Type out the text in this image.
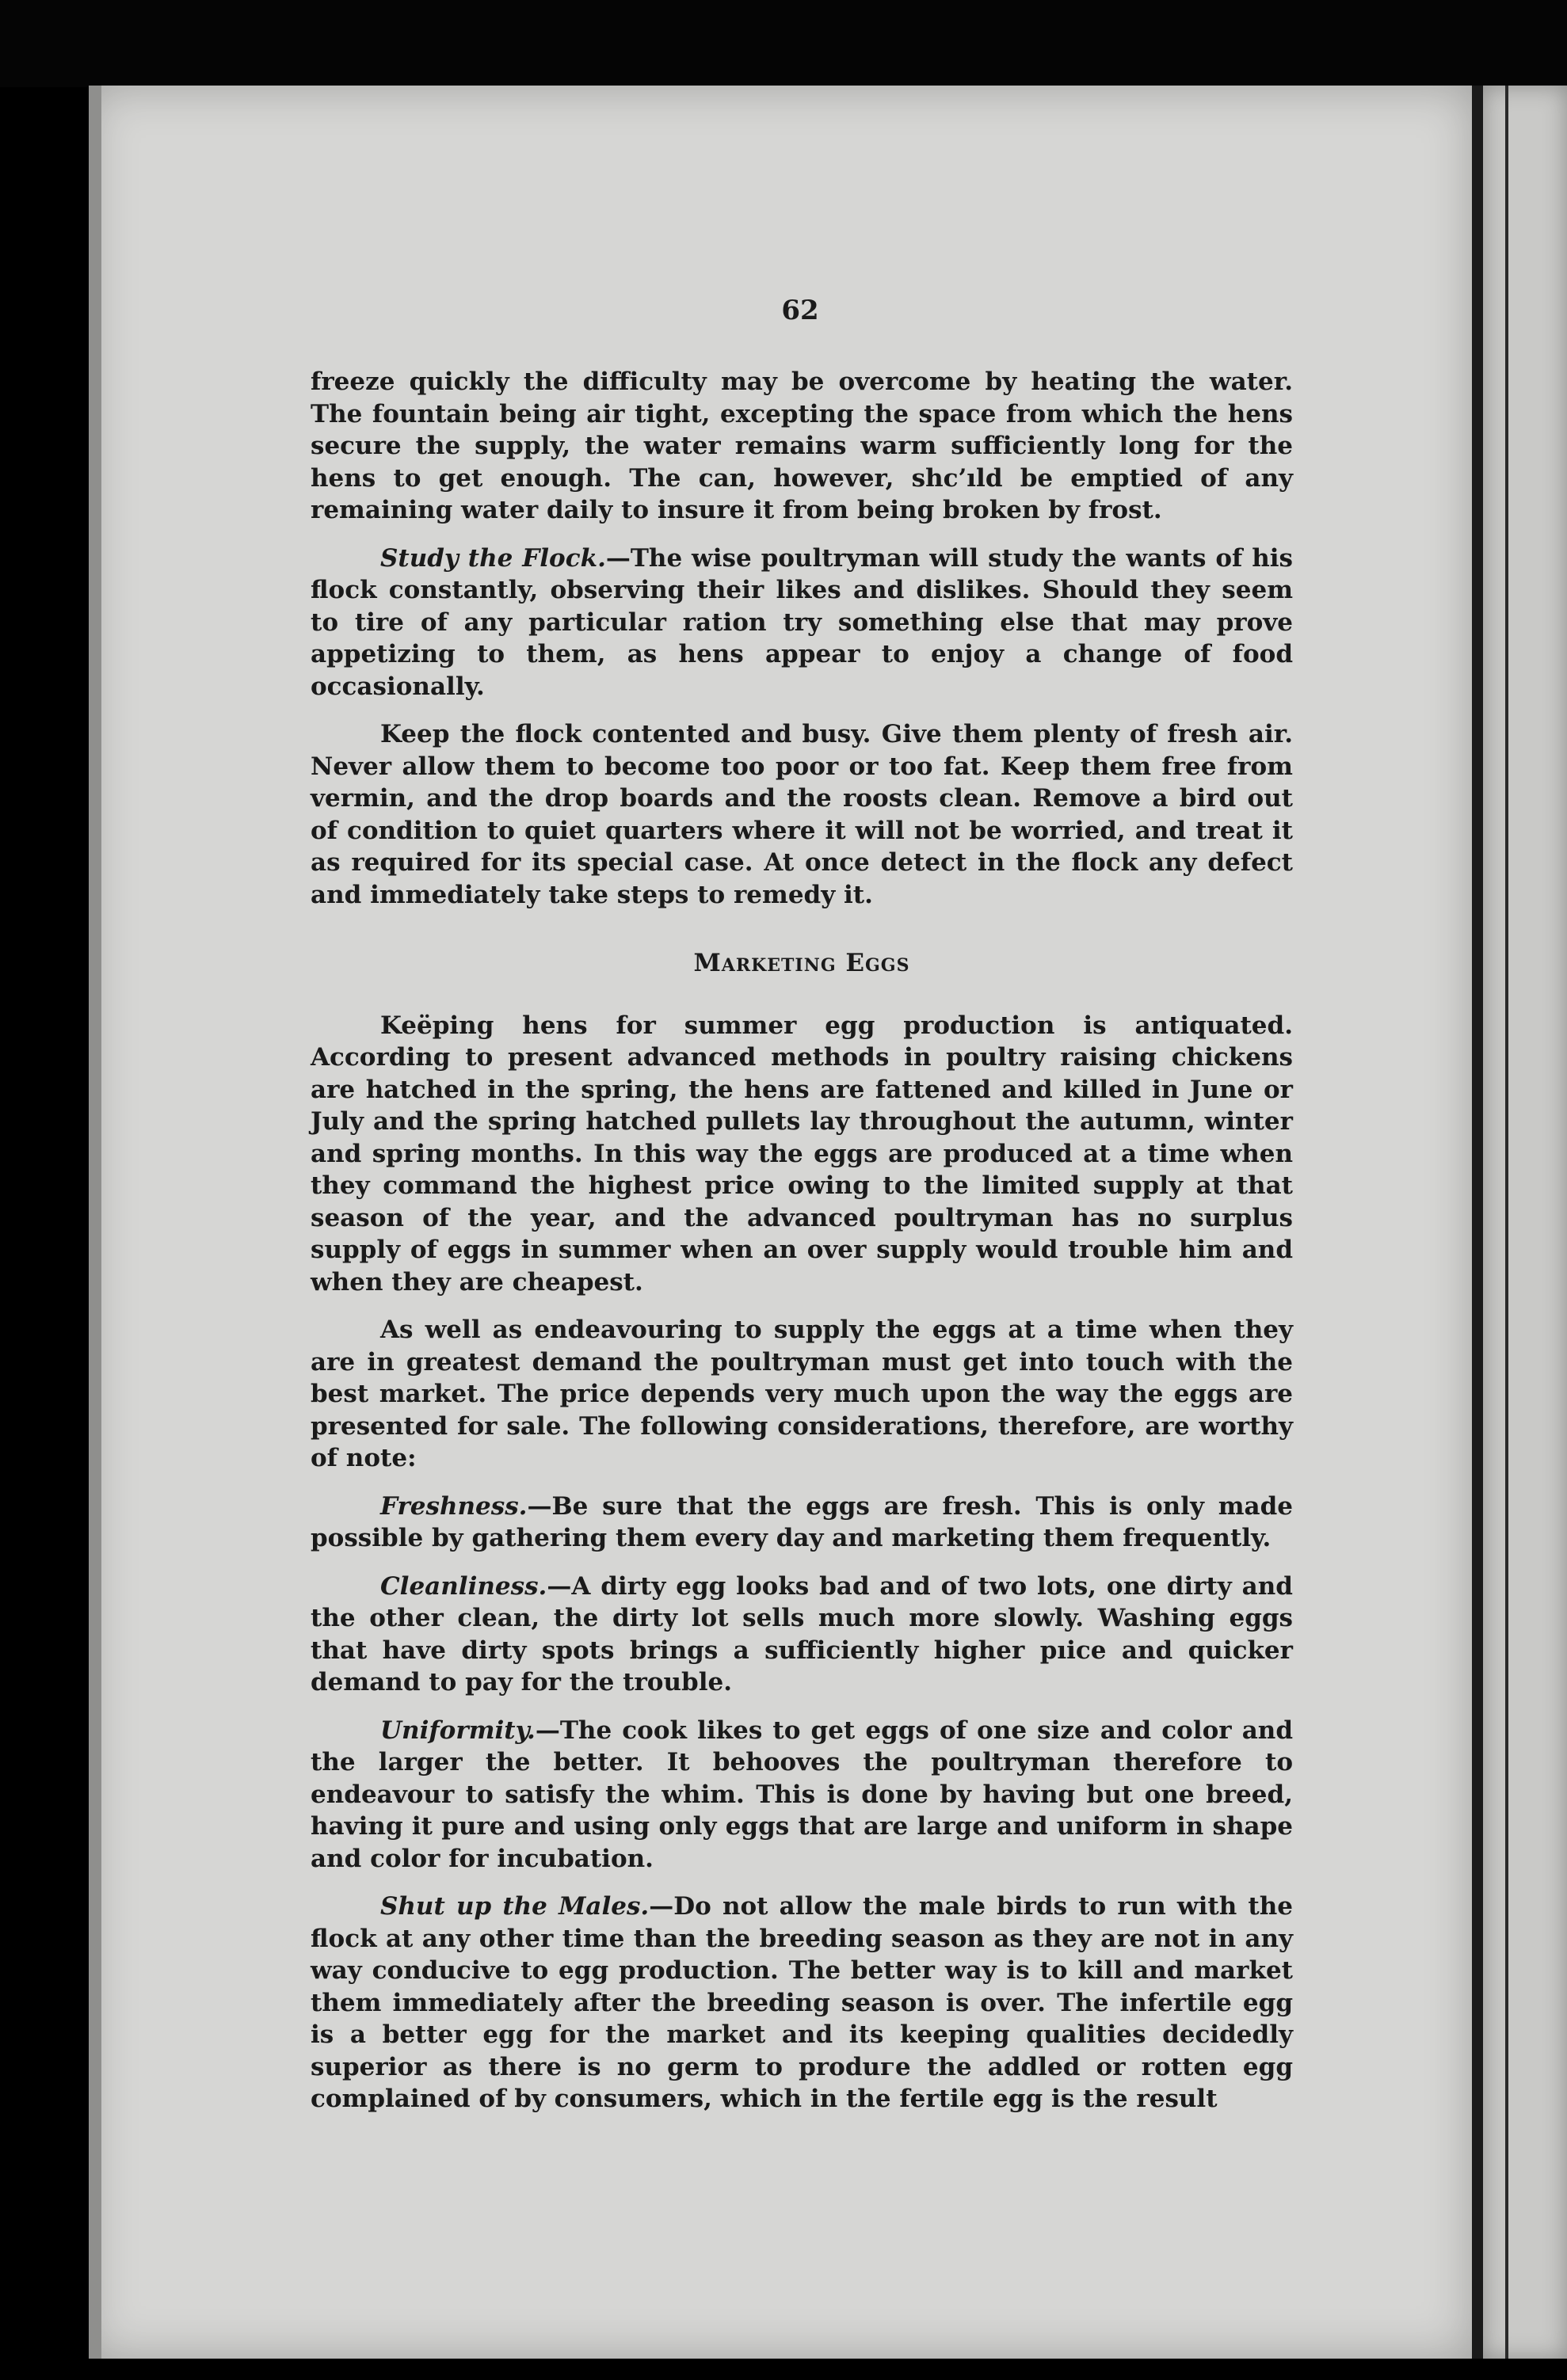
62

freeze quickly the difficulty may be overcome by heating the water. The fountain being air tight, excepting the space from which the hens secure the supply, the water remains warm sufficiently long for the hens to get enough. The can, however, shс’ıld be emptied of any remaining water daily to insure it from being broken by frost.

Study the Flock.—The wise poultryman will study the wants of his flock constantly, observing their likes and dislikes. Should they seem to tire of any particular ration try something else that may prove appetizing to them, as hens appear to enjoy a change of food occasionally.

Keep the flock contented and busy. Give them plenty of fresh air. Never allow them to become too poor or too fat. Keep them free from vermin, and the drop boards and the roosts clean. Remove a bird out of condition to quiet quarters where it will not be worried, and treat it as required for its special case. At once detect in the flock any defect and immediately take steps to remedy it.

Marketing Eggs

Keëping hens for summer egg production is antiquated. According to present advanced methods in poultry raising chickens are hatched in the spring, the hens are fattened and killed in June or July and the spring hatched pullets lay throughout the autumn, winter and spring months. In this way the eggs are produced at a time when they command the highest price owing to the limited supply at that season of the year, and the advanced poultryman has no surplus supply of eggs in summer when an over supply would trouble him and when they are cheapest.

As well as endeavouring to supply the eggs at a time when they are in greatest demand the poultryman must get into touch with the best market. The price depends very much upon the way the eggs are presented for sale. The following considerations, therefore, are worthy of note:

Freshness.—Be sure that the eggs are fresh. This is only made possible by gathering them every day and marketing them frequently.

Cleanliness.—A dirty egg looks bad and of two lots, one dirty and the other clean, the dirty lot sells much more slowly. Washing eggs that have dirty spots brings a sufficiently higher pıice and quicker demand to pay for the trouble.

Uniformity.—The cook likes to get eggs of one size and color and the larger the better. It behooves the poultryman therefore to endeavour to satisfy the whim. This is done by having but one breed, having it pure and using only eggs that are large and uniform in shape and color for incubation.

Shut up the Males.—Do not allow the male birds to run with the flock at any other time than the breeding season as they are not in any way conducive to egg production. The better way is to kill and market them immediately after the breeding season is over. The infertile egg is a better egg for the market and its keeping qualities decidedly superior as there is no germ to produгe the addled or rotten egg complained of by consumers, which in the fertile egg is the result
